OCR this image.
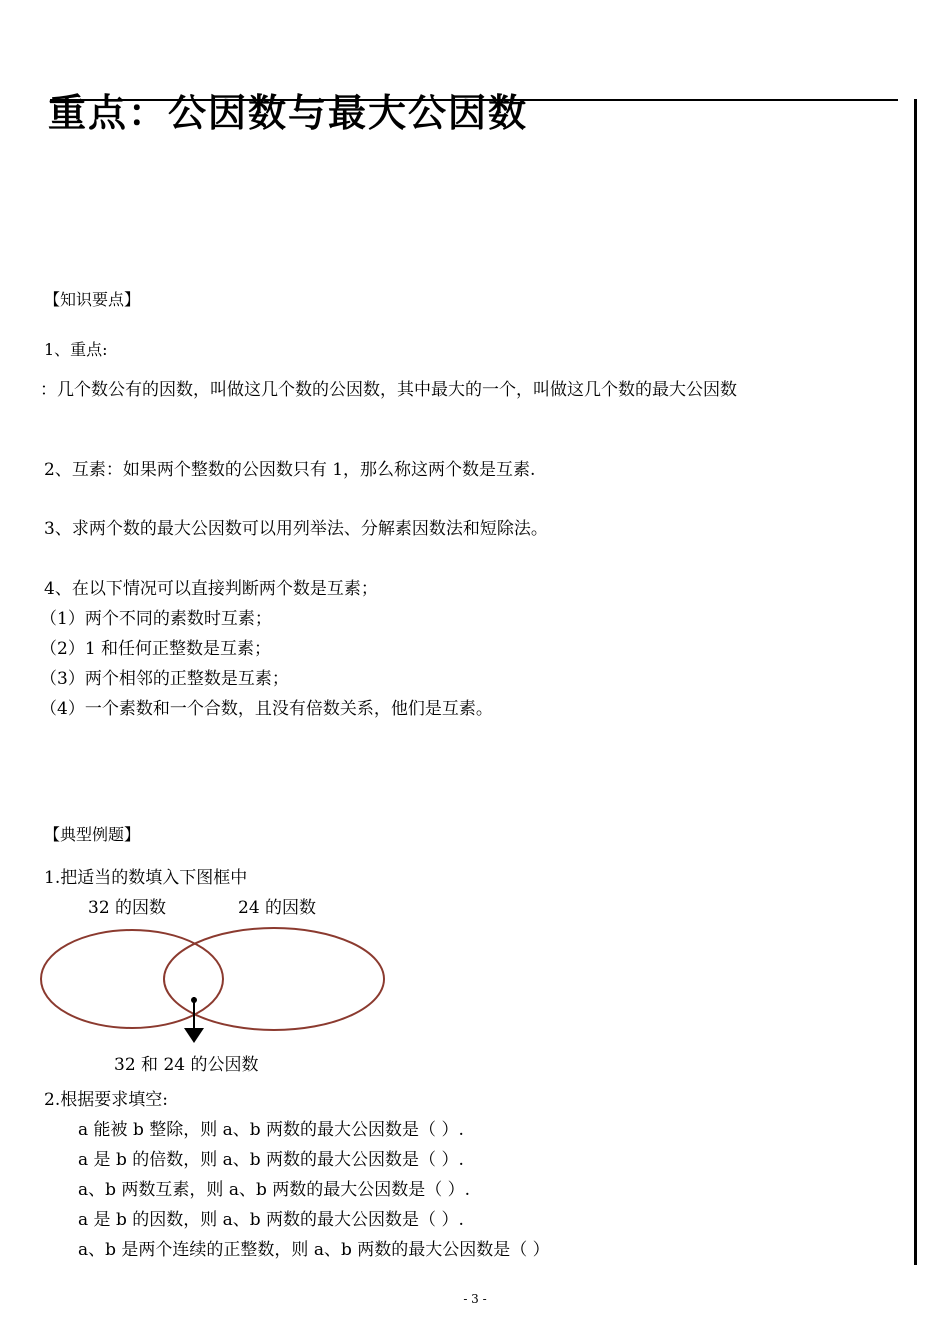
重点：公因数与最大公因数
【知识要点】
1、重点:
：几个数公有的因数，叫做这几个数的公因数，其中最大的一个，叫做这几个数的最大公因数
2、互素：如果两个整数的公因数只有 1，那么称这两个数是互素.
3、求两个数的最大公因数可以用列举法、分解素因数法和短除法。
4、在以下情况可以直接判断两个数是互素；
（1）两个不同的素数时互素；
（2）1 和任何正整数是互素；
（3）两个相邻的正整数是互素；
（4）一个素数和一个合数，且没有倍数关系，他们是互素。
【典型例题】
1.把适当的数填入下图框中
32 的因数	24 的因数
32 和 24 的公因数
2.根据要求填空:
a 能被 b 整除，则 a、b 两数的最大公因数是（ ）.
a 是 b 的倍数，则 a、b 两数的最大公因数是（ ）.
a、b 两数互素，则 a、b 两数的最大公因数是（ ）.
a 是 b 的因数，则 a、b 两数的最大公因数是（ ）.
a、b 是两个连续的正整数，则 a、b 两数的最大公因数是（ ）
- 3 -
